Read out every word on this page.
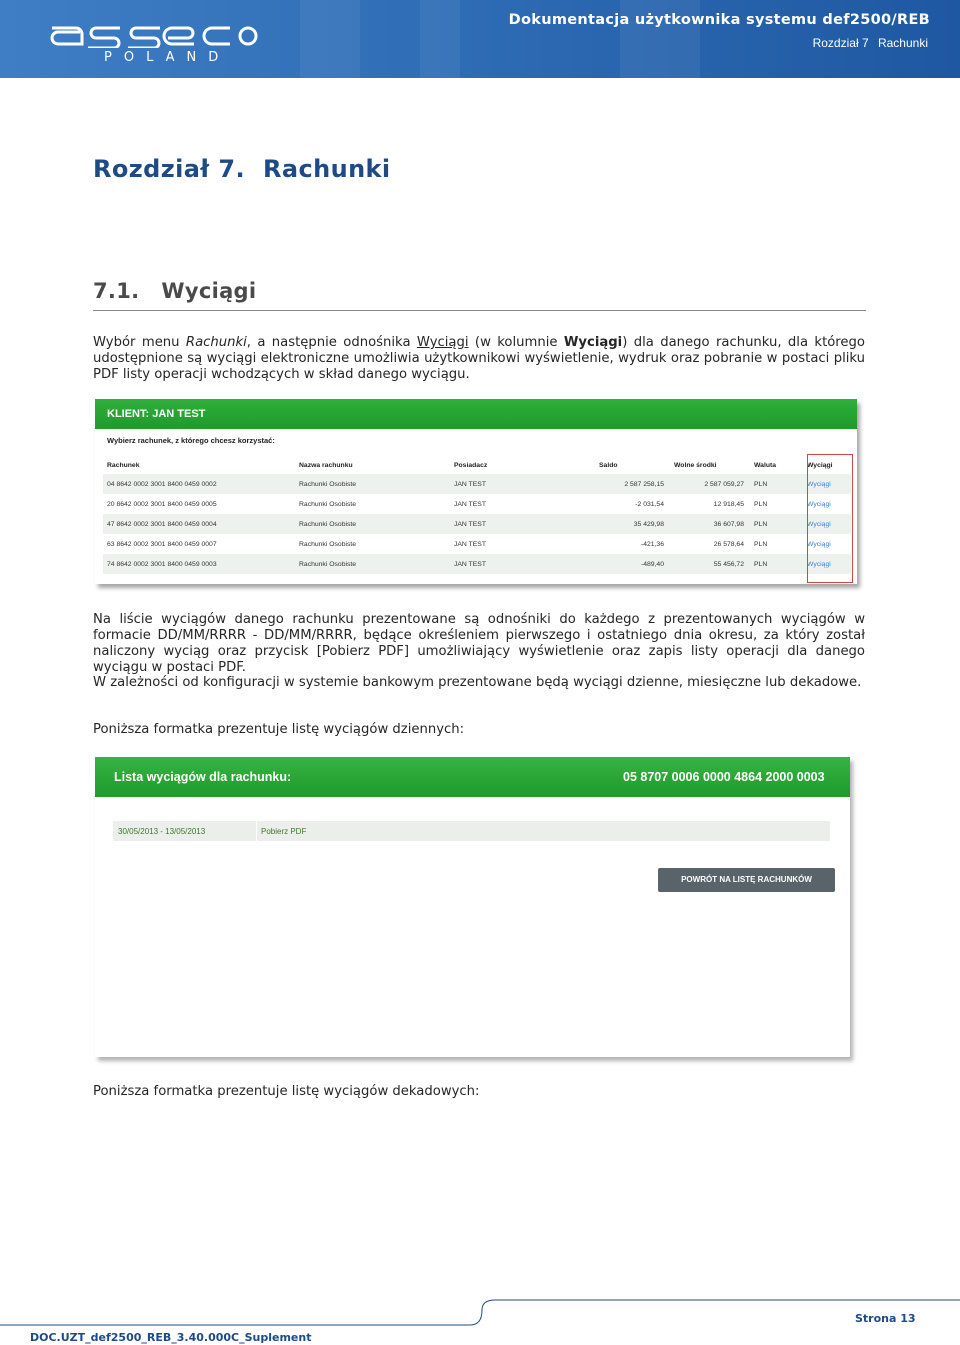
POLAND
Dokumentacja użytkownika systemu def2500/REB
Rozdział 7 Rachunki
Rozdział 7. Rachunki
7.1. Wyciągi
Wybór menu Rachunki, a następnie odnośnika Wyciągi (w kolumnie Wyciągi) dla danego rachunku, dla którego udostępnione są wyciągi elektroniczne umożliwia użytkownikowi wyświetlenie, wydruk oraz pobranie w postaci pliku PDF listy operacji wchodzących w skład danego wyciągu.
KLIENT: JAN TEST
Wybierz rachunek, z którego chcesz korzystać:
Rachunek	Nazwa rachunku	Posiadacz	Saldo	Wolne środki	Waluta	Wyciągi
04 8642 0002 3001 8400 0459 0002	Rachunki Osobiste	JAN TEST	2 587 258,15	2 587 059,27	PLN	Wyciągi
20 8642 0002 3001 8400 0459 0005	Rachunki Osobiste	JAN TEST	-2 031,54	12 918,45	PLN	Wyciągi
47 8642 0002 3001 8400 0459 0004	Rachunki Osobiste	JAN TEST	35 429,98	36 607,98	PLN	Wyciągi
63 8642 0002 3001 8400 0459 0007	Rachunki Osobiste	JAN TEST	-421,36	26 578,64	PLN	Wyciągi
74 8642 0002 3001 8400 0459 0003	Rachunki Osobiste	JAN TEST	-489,40	55 456,72	PLN	Wyciągi
Na liście wyciągów danego rachunku prezentowane są odnośniki do każdego z prezentowanych wyciągów w formacie DD/MM/RRRR - DD/MM/RRRR, będące określeniem pierwszego i ostatniego dnia okresu, za który został naliczony wyciąg oraz przycisk [Pobierz PDF] umożliwiający wyświetlenie oraz zapis listy operacji dla danego wyciągu w postaci PDF.
W zależności od konfiguracji w systemie bankowym prezentowane będą wyciągi dzienne, miesięczne lub dekadowe.
Poniższa formatka prezentuje listę wyciągów dziennych:
Lista wyciągów dla rachunku:	05 8707 0006 0000 4864 2000 0003
30/05/2013 - 13/05/2013	Pobierz PDF
POWRÓT NA LISTĘ RACHUNKÓW
Poniższa formatka prezentuje listę wyciągów dekadowych:
DOC.UZT_def2500_REB_3.40.000C_Suplement
Strona 13
